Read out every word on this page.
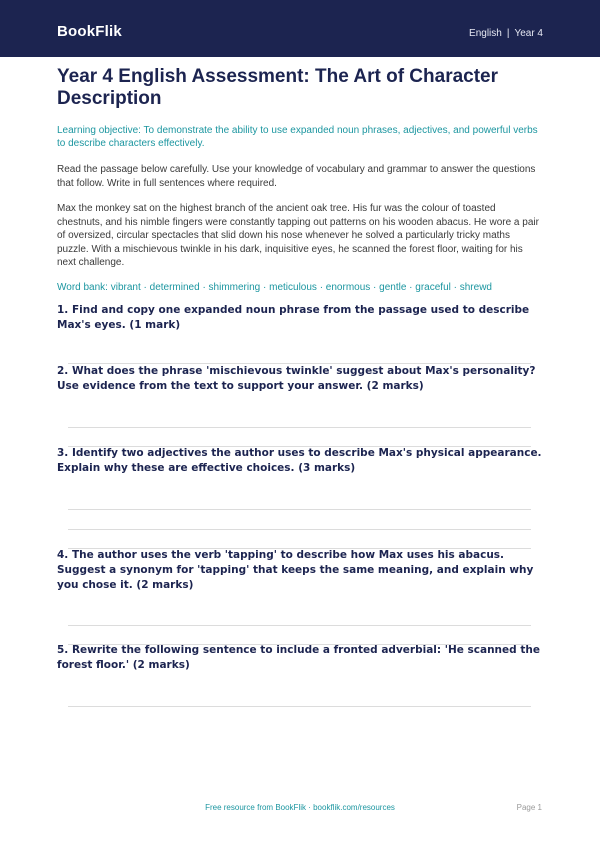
BookFlik	English | Year 4
Year 4 English Assessment: The Art of Character Description

Learning objective: To demonstrate the ability to use expanded noun phrases, adjectives, and powerful verbs to describe characters effectively.

Read the passage below carefully. Use your knowledge of vocabulary and grammar to answer the questions that follow. Write in full sentences where required.

Max the monkey sat on the highest branch of the ancient oak tree. His fur was the colour of toasted chestnuts, and his nimble fingers were constantly tapping out patterns on his wooden abacus. He wore a pair of oversized, circular spectacles that slid down his nose whenever he solved a particularly tricky maths puzzle. With a mischievous twinkle in his dark, inquisitive eyes, he scanned the forest floor, waiting for his next challenge.

Word bank: vibrant · determined · shimmering · meticulous · enormous · gentle · graceful · shrewd

1. Find and copy one expanded noun phrase from the passage used to describe Max's eyes. (1 mark)
2. What does the phrase 'mischievous twinkle' suggest about Max's personality? Use evidence from the text to support your answer. (2 marks)
3. Identify two adjectives the author uses to describe Max's physical appearance. Explain why these are effective choices. (3 marks)
4. The author uses the verb 'tapping' to describe how Max uses his abacus. Suggest a synonym for 'tapping' that keeps the same meaning, and explain why you chose it. (2 marks)
5. Rewrite the following sentence to include a fronted adverbial: 'He scanned the forest floor.' (2 marks)
Free resource from BookFlik · bookflik.com/resources	Page 1
